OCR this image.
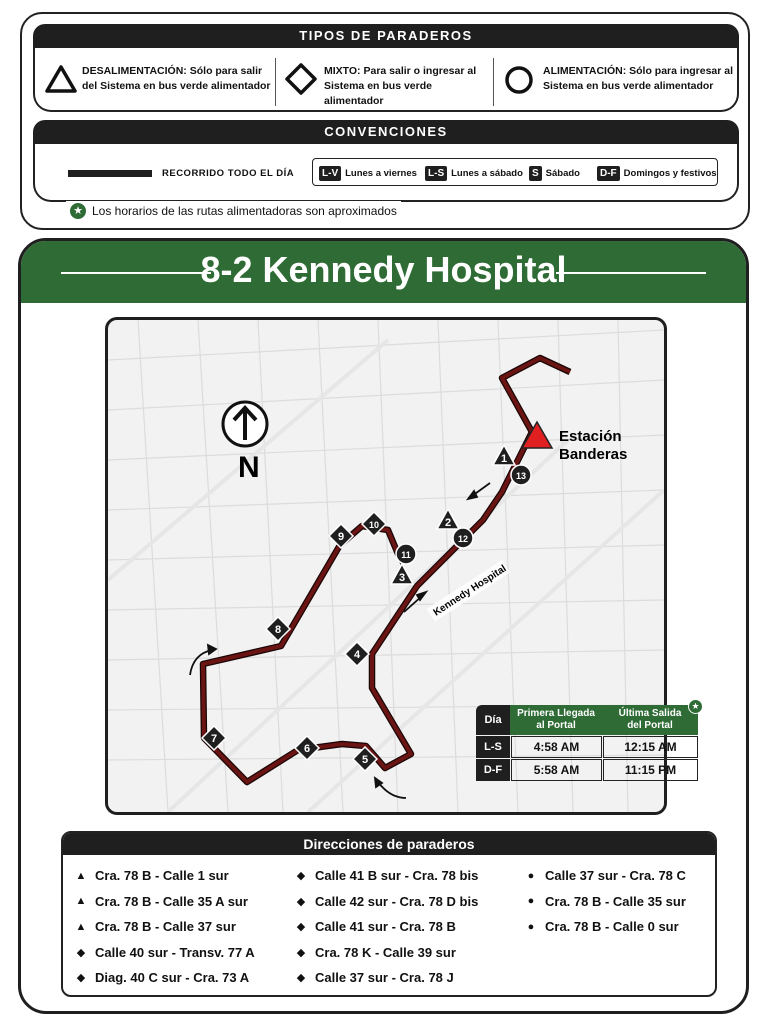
TIPOS DE PARADEROS
DESALIMENTACIÓN: Sólo para salir
del Sistema en bus verde alimentador
MIXTO: Para salir o ingresar al
Sistema en bus verde alimentador
ALIMENTACIÓN: Sólo para ingresar al
Sistema en bus verde alimentador
CONVENCIONES
RECORRIDO TODO EL DÍA	L-V Lunes a viernes	L-S Lunes a sábado S Sábado	D-F Domingos y festivos
★ Los horarios de las rutas alimentadoras son aproximados
8-2 Kennedy Hospital
Estación
Banderas
N
Kennedy Hospital
1
2
3
4
5
6
7
8
9
10
11
12
13
Día
Primera Llegada
al Portal
Última Salida
del Portal
★
L-S	4:58 AM	12:15 AM
D-F	5:58 AM	11:15 PM
Direcciones de paraderos
▲ Cra. 78 B - Calle 1 sur
▲ Cra. 78 B - Calle 35 A sur
▲ Cra. 78 B - Calle 37 sur
◆ Calle 40 sur - Transv. 77 A
◆ Diag. 40 C sur - Cra. 73 A
◆ Calle 41 B sur - Cra. 78 bis
◆ Calle 42 sur - Cra. 78 D bis
◆ Calle 41 sur - Cra. 78 B
◆ Cra. 78 K - Calle 39 sur
◆ Calle 37 sur - Cra. 78 J
● Calle 37 sur - Cra. 78 C
● Cra. 78 B - Calle 35 sur
● Cra. 78 B - Calle 0 sur
